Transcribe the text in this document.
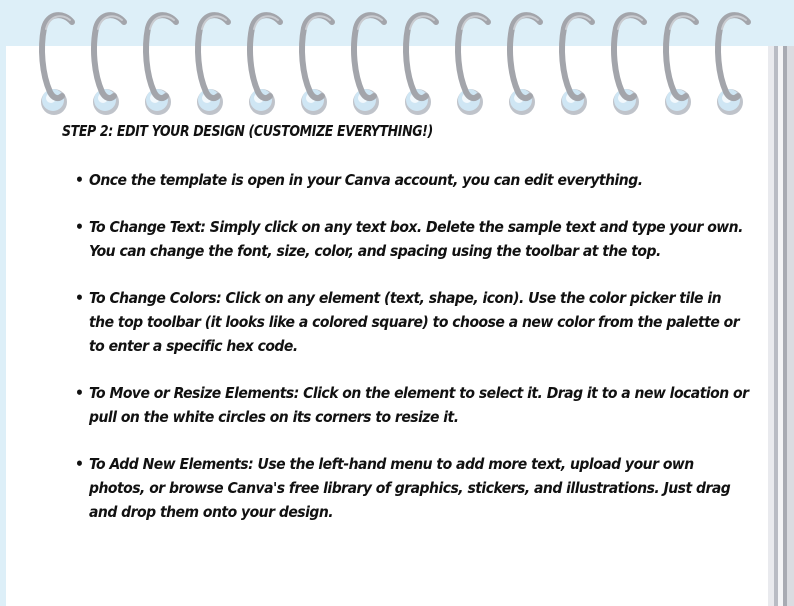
STEP 2: EDIT YOUR DESIGN (CUSTOMIZE EVERYTHING!)
• Once the template is open in your Canva account, you can edit everything.
• To Change Text: Simply click on any text box. Delete the sample text and type your own. You can change the font, size, color, and spacing using the toolbar at the top.
• To Change Colors: Click on any element (text, shape, icon). Use the color picker tile in the top toolbar (it looks like a colored square) to choose a new color from the palette or to enter a specific hex code.
• To Move or Resize Elements: Click on the element to select it. Drag it to a new location or pull on the white circles on its corners to resize it.
• To Add New Elements: Use the left-hand menu to add more text, upload your own photos, or browse Canva's free library of graphics, stickers, and illustrations. Just drag and drop them onto your design.
